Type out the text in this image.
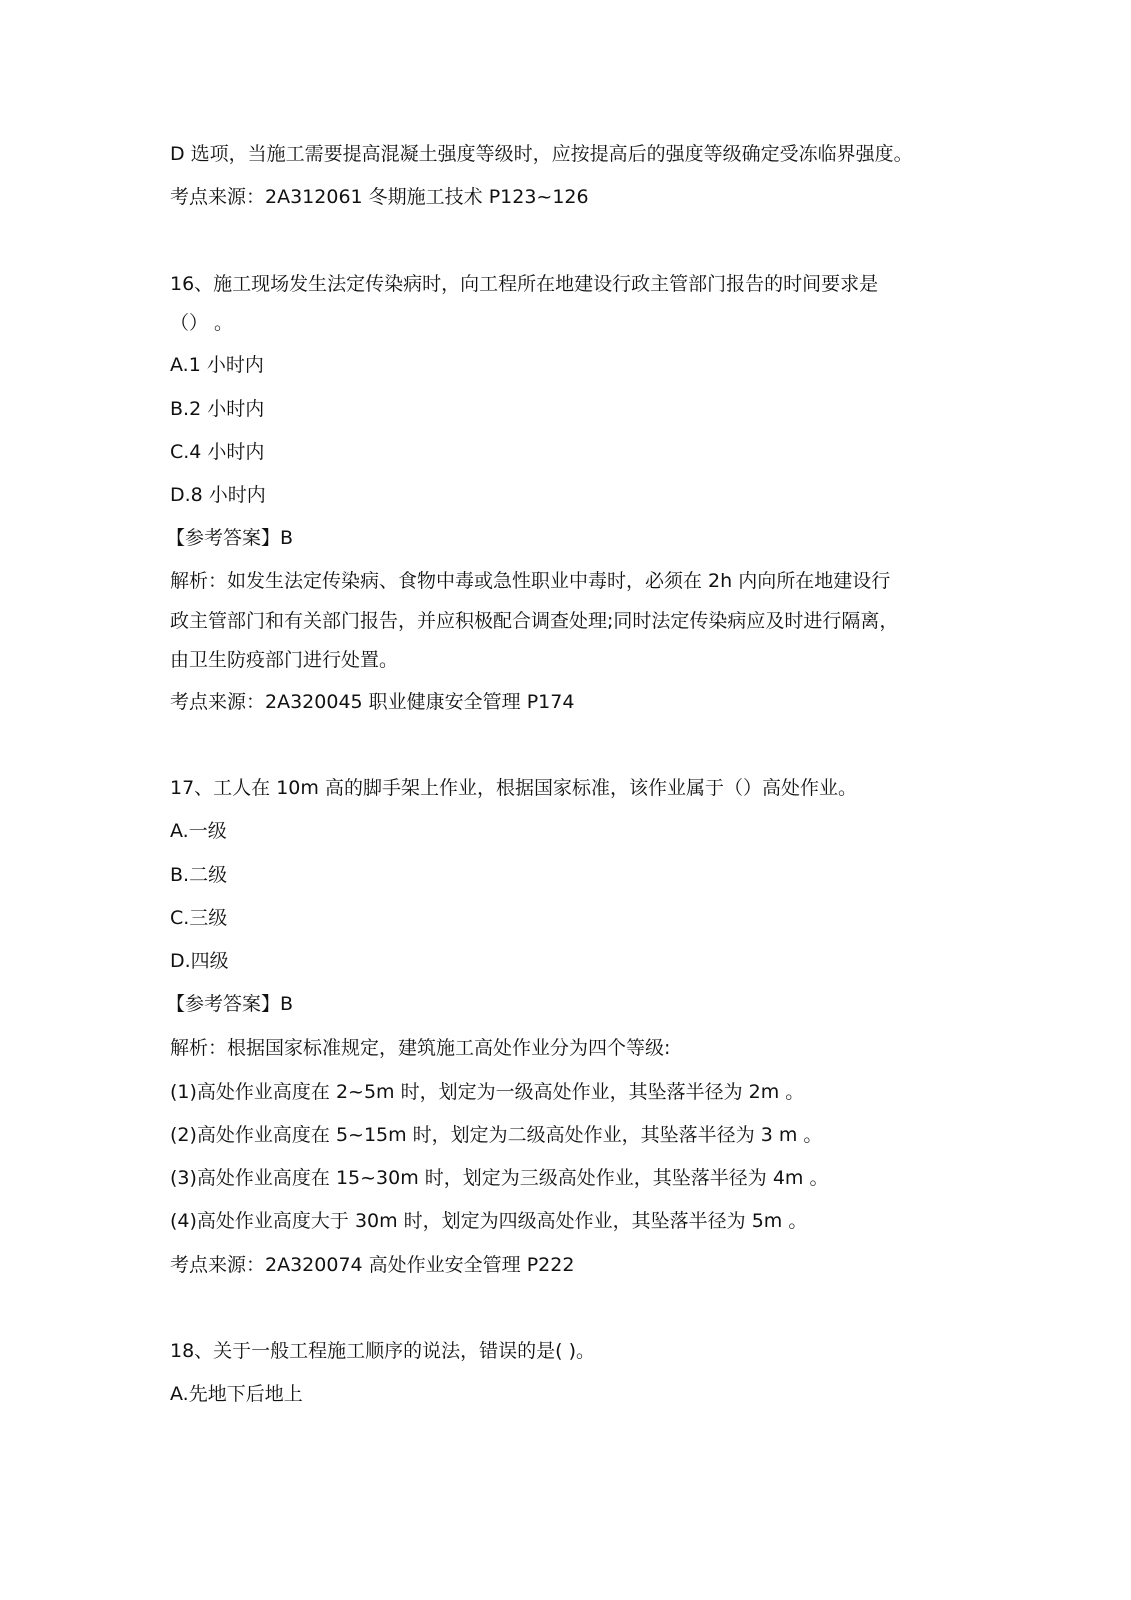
D 选项，当施工需要提高混凝土强度等级时，应按提高后的强度等级确定受冻临界强度。
考点来源：2A312061 冬期施工技术 P123~126
16、施工现场发生法定传染病时，向工程所在地建设行政主管部门报告的时间要求是
（） 。
A.1 小时内
B.2 小时内
C.4 小时内
D.8 小时内
【参考答案】B
解析：如发生法定传染病、食物中毒或急性职业中毒时，必须在 2h 内向所在地建设行
政主管部门和有关部门报告，并应积极配合调查处理;同时法定传染病应及时进行隔离，
由卫生防疫部门进行处置。
考点来源：2A320045 职业健康安全管理 P174
17、工人在 10m 高的脚手架上作业，根据国家标准，该作业属于（）高处作业。
A.一级
B.二级
C.三级
D.四级
【参考答案】B
解析：根据国家标准规定，建筑施工高处作业分为四个等级:
(1)高处作业高度在 2~5m 时，划定为一级高处作业，其坠落半径为 2m 。
(2)高处作业高度在 5~15m 时，划定为二级高处作业，其坠落半径为 3 m 。
(3)高处作业高度在 15~30m 时，划定为三级高处作业，其坠落半径为 4m 。
(4)高处作业高度大于 30m 时，划定为四级高处作业，其坠落半径为 5m 。
考点来源：2A320074 高处作业安全管理 P222
18、关于一般工程施工顺序的说法，错误的是( )。
A.先地下后地上
